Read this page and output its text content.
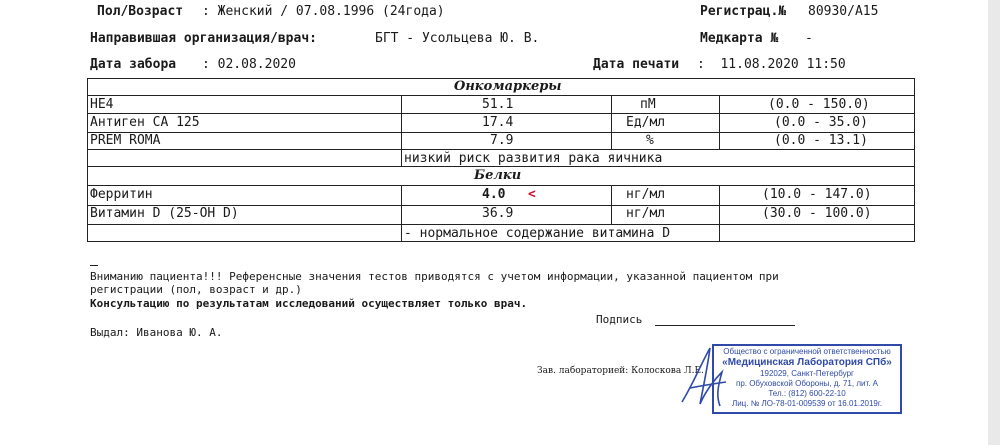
Пол/Возраст : Женский / 07.08.1996 (24года)	Регистрац.№ 80930/A15
Направившая организация/врач:	БГТ - Усольцева Ю. В.	Медкарта № -
Дата забора : 02.08.2020	Дата печати :  11.08.2020 11:50
Онкомаркеры
HE4	51.1	пМ	(0.0 - 150.0)
Антиген СА 125	17.4	Ед/мл	(0.0 - 35.0)
PREM ROMA	7.9	%	(0.0 - 13.1)
низкий риск развития рака яичника
Белки
Ферритин	4.0 <	нг/мл	(10.0 - 147.0)
Витамин D (25-OH D)	36.9	нг/мл	(30.0 - 100.0)
- нормальное содержание витамина D
Вниманию пациента!!! Референсные значения тестов приводятся с учетом информации, указанной пациентом при
регистрации (пол, возраст и др.)
Консультацию по результатам исследований осуществляет только врач.
Подпись
Выдал: Иванова Ю. А.
Зав. лабораторией: Колоскова Л.Е.
Общество с ограниченной ответственностью
«Медицинская Лаборатория СПб»
192029, Санкт-Петербург
пр. Обуховской Обороны, д. 71, лит. А
Тел.: (812) 600-22-10
Лиц. № ЛО-78-01-009539 от 16.01.2019г.
